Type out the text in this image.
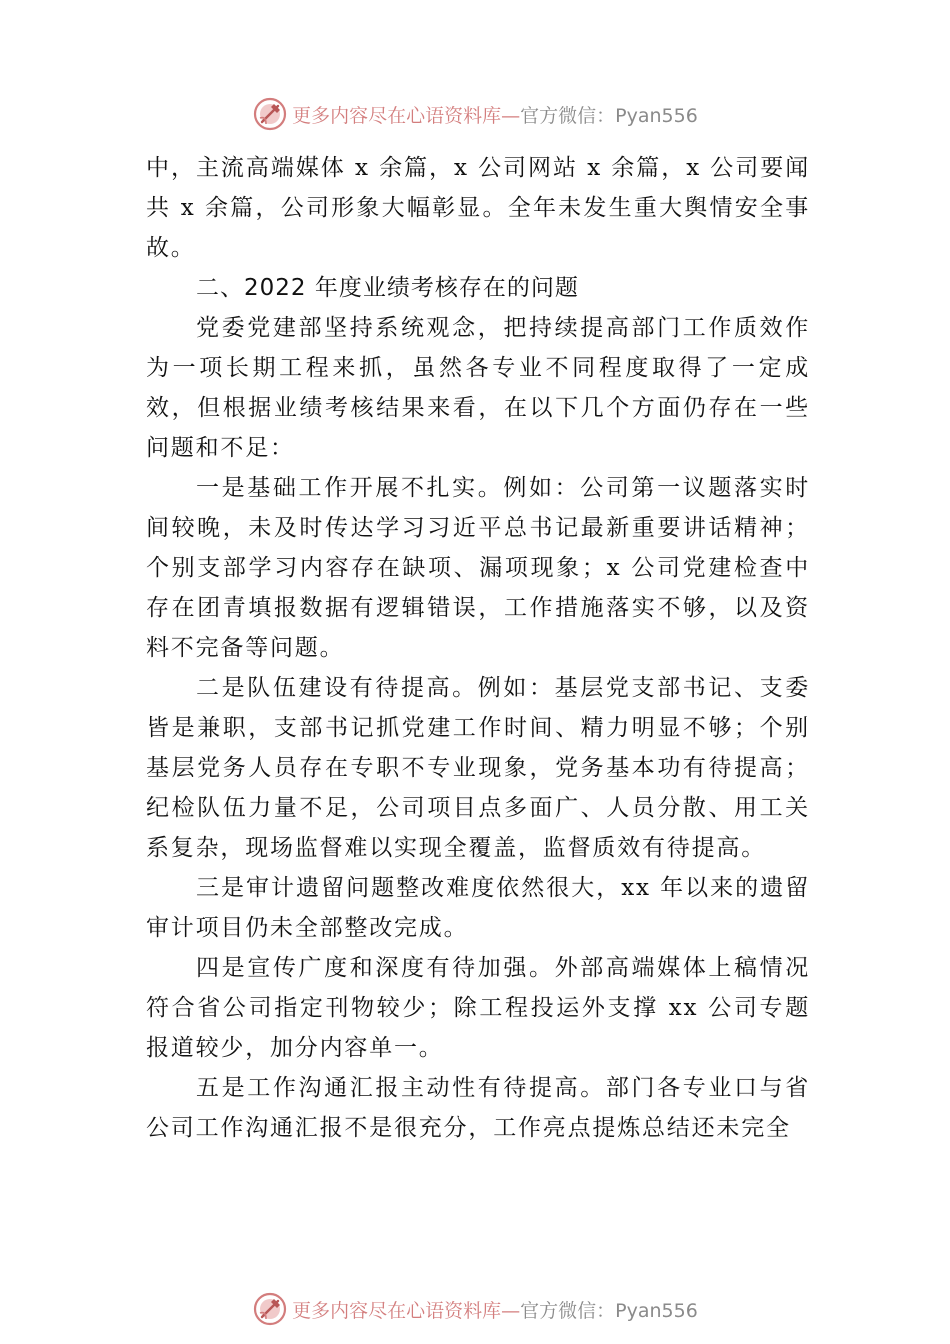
更多内容尽在心语资料库—官方微信：Pyan556

中，主流高端媒体 x 余篇，x 公司网站 x 余篇，x 公司要闻共 x 余篇，公司形象大幅彰显。全年未发生重大舆情安全事故。

二、2022 年度业绩考核存在的问题

党委党建部坚持系统观念，把持续提高部门工作质效作为一项长期工程来抓，虽然各专业不同程度取得了一定成效，但根据业绩考核结果来看，在以下几个方面仍存在一些问题和不足：

一是基础工作开展不扎实。例如：公司第一议题落实时间较晚，未及时传达学习习近平总书记最新重要讲话精神； 个别支部学习内容存在缺项、漏项现象；x 公司党建检查中存在团青填报数据有逻辑错误，工作措施落实不够，以及资料不完备等问题。

二是队伍建设有待提高。例如：基层党支部书记、支委皆是兼职，支部书记抓党建工作时间、精力明显不够；个别基层党务人员存在专职不专业现象，党务基本功有待提高； 纪检队伍力量不足，公司项目点多面广、人员分散、用工关系复杂，现场监督难以实现全覆盖，监督质效有待提高。

三是审计遗留问题整改难度依然很大，xx 年以来的遗留审计项目仍未全部整改完成。

四是宣传广度和深度有待加强。外部高端媒体上稿情况符合省公司指定刊物较少；除工程投运外支撑 xx 公司专题报道较少，加分内容单一。

五是工作沟通汇报主动性有待提高。部门各专业口与省公司工作沟通汇报不是很充分，工作亮点提炼总结还未完全

更多内容尽在心语资料库—官方微信：Pyan556
